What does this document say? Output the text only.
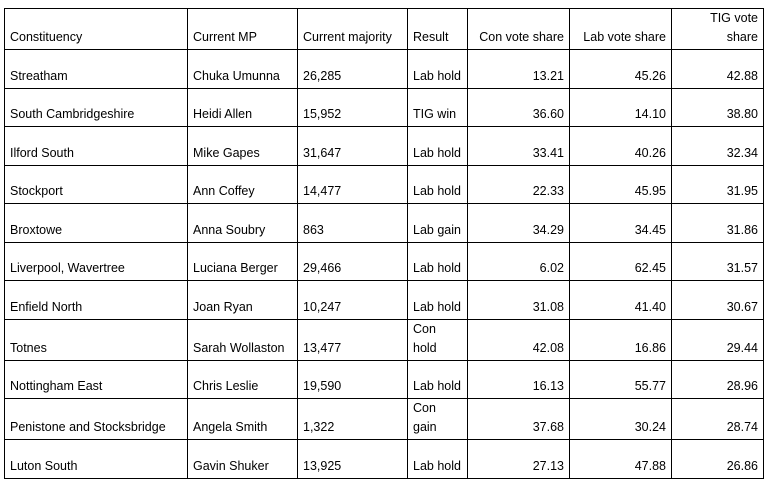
Constituency	Current MP	Current majority	Result	Con vote share	Lab vote share	TIG vote share
Streatham	Chuka Umunna	26,285	Lab hold	13.21	45.26	42.88
South Cambridgeshire	Heidi Allen	15,952	TIG win	36.60	14.10	38.80
Ilford South	Mike Gapes	31,647	Lab hold	33.41	40.26	32.34
Stockport	Ann Coffey	14,477	Lab hold	22.33	45.95	31.95
Broxtowe	Anna Soubry	863	Lab gain	34.29	34.45	31.86
Liverpool, Wavertree	Luciana Berger	29,466	Lab hold	6.02	62.45	31.57
Enfield North	Joan Ryan	10,247	Lab hold	31.08	41.40	30.67
Totnes	Sarah Wollaston	13,477	Con hold	42.08	16.86	29.44
Nottingham East	Chris Leslie	19,590	Lab hold	16.13	55.77	28.96
Penistone and Stocksbridge	Angela Smith	1,322	Con gain	37.68	30.24	28.74
Luton South	Gavin Shuker	13,925	Lab hold	27.13	47.88	26.86
